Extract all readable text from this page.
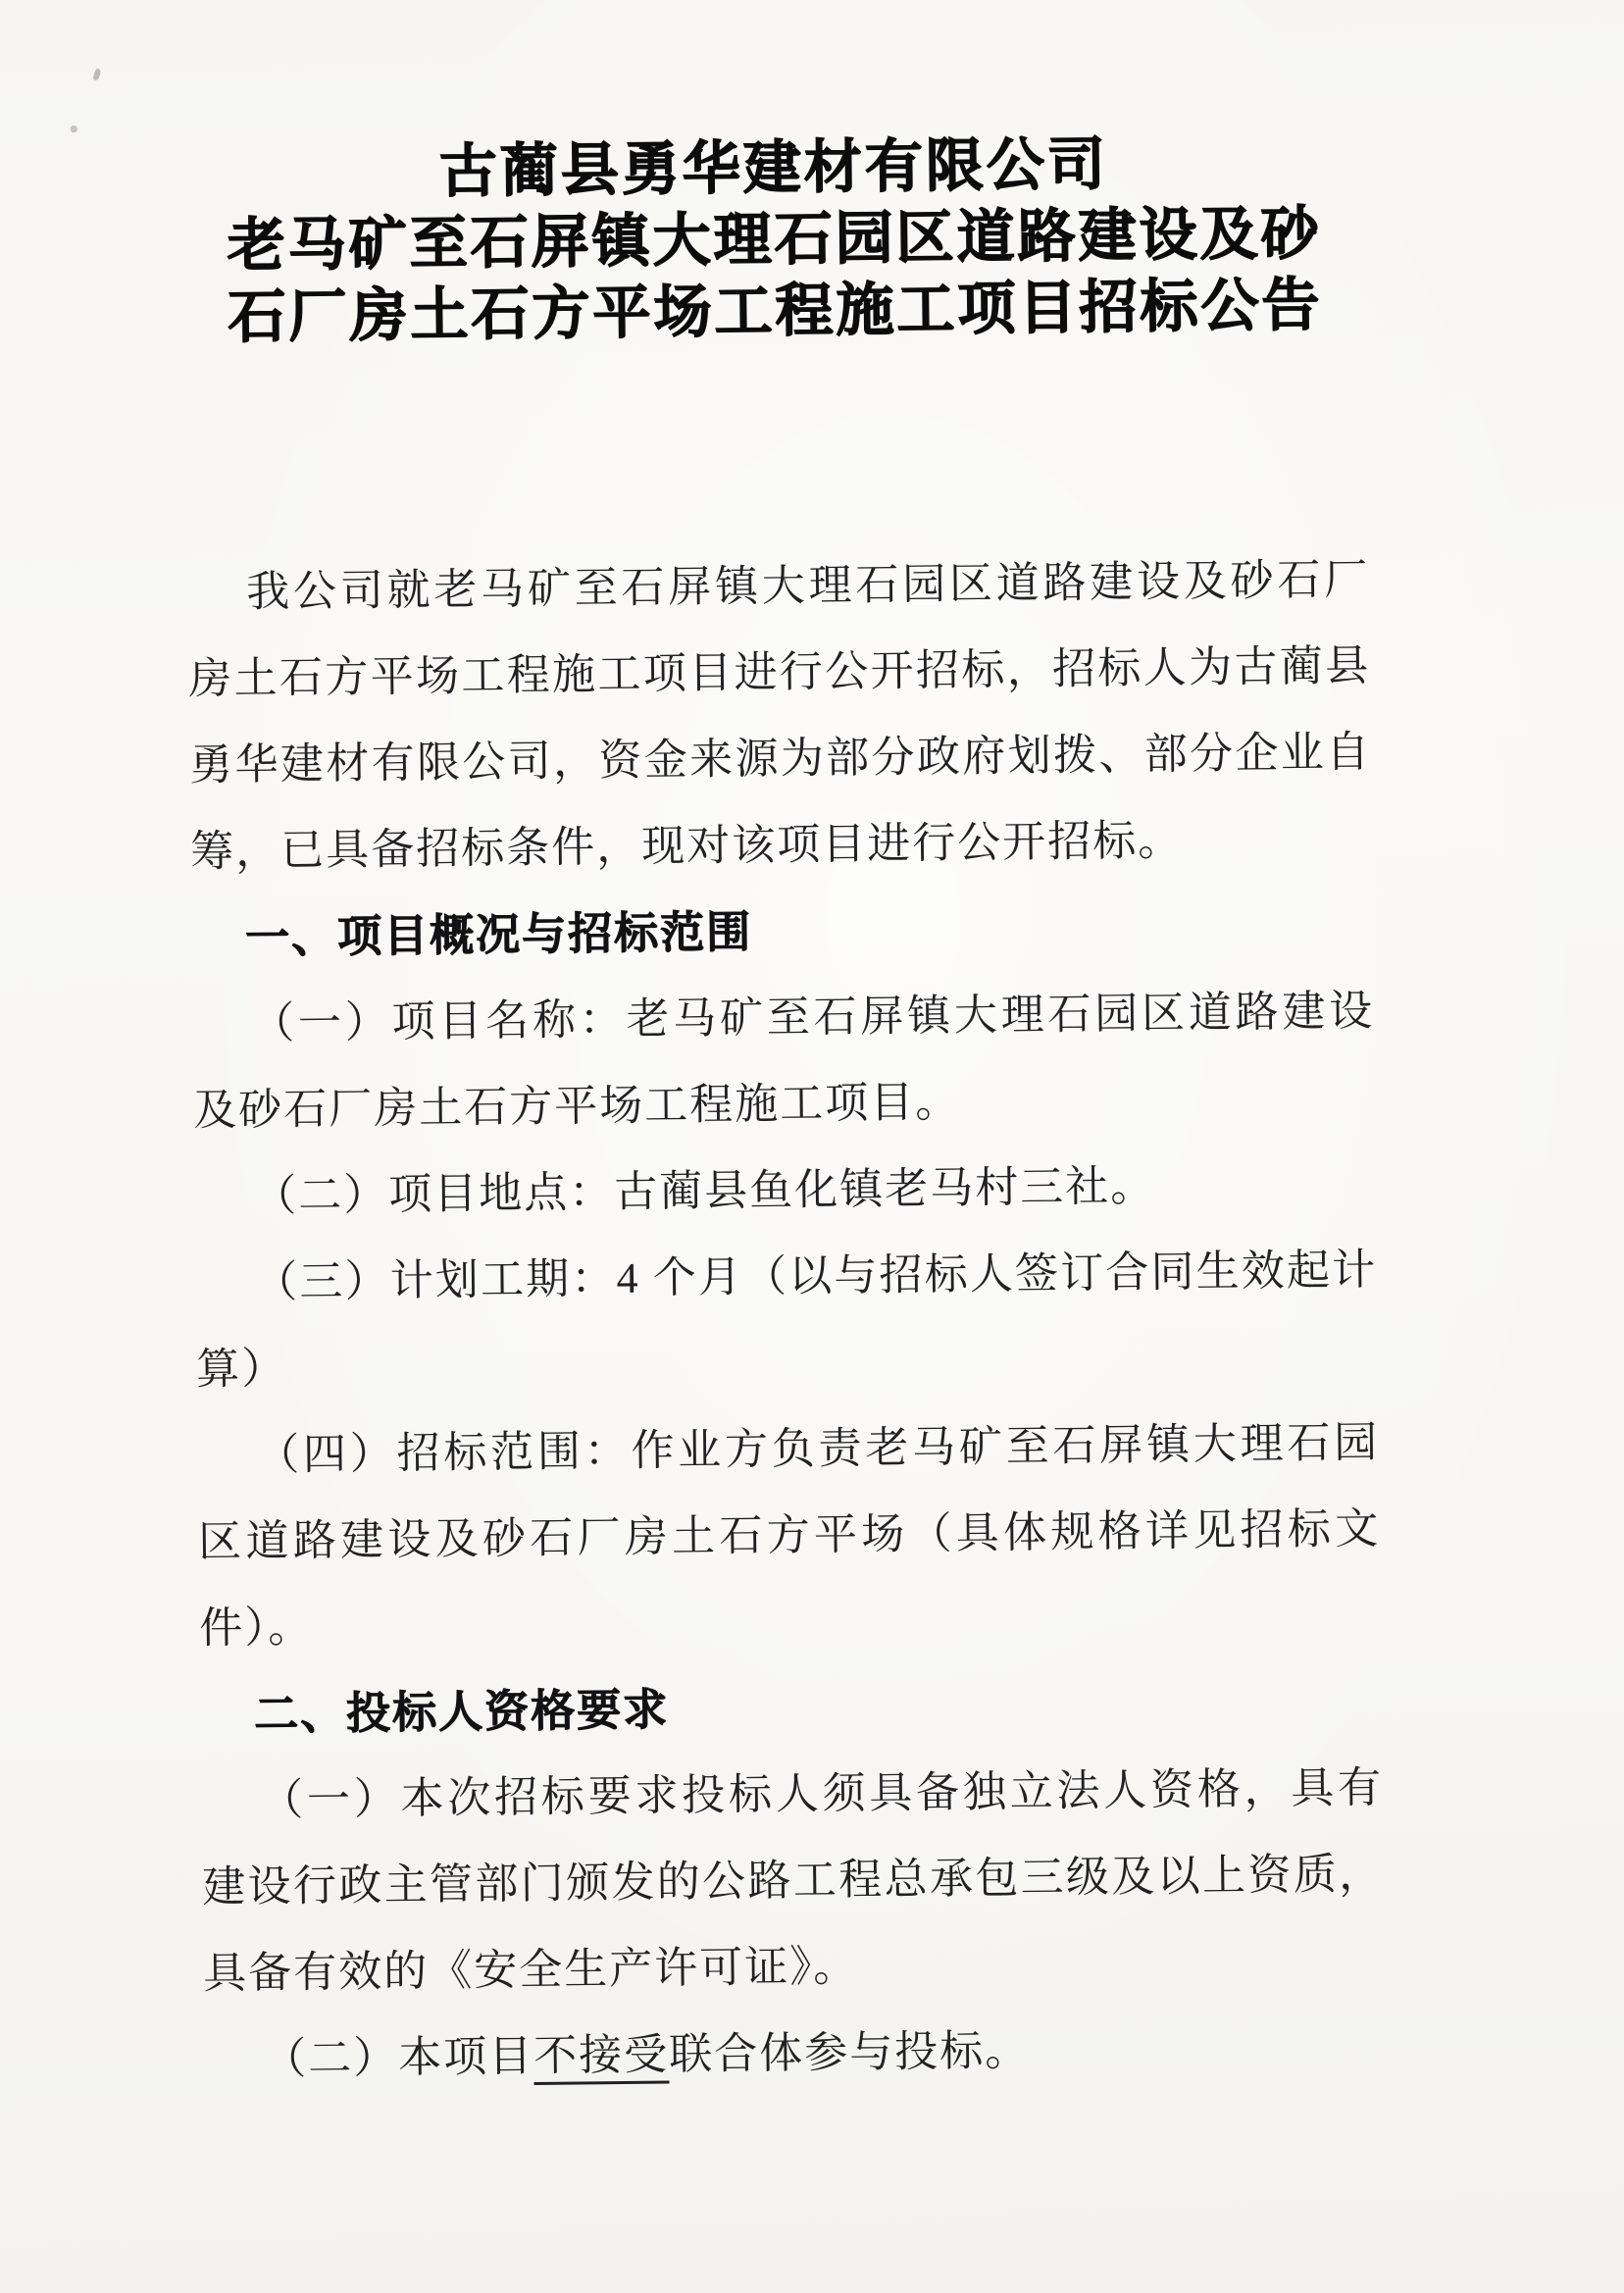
古蔺县勇华建材有限公司
老马矿至石屏镇大理石园区道路建设及砂
石厂房土石方平场工程施工项目招标公告

我公司就老马矿至石屏镇大理石园区道路建设及砂石厂房土石方平场工程施工项目进行公开招标，招标人为古蔺县勇华建材有限公司，资金来源为部分政府划拨、部分企业自筹，已具备招标条件，现对该项目进行公开招标。

一、项目概况与招标范围

（一）项目名称：老马矿至石屏镇大理石园区道路建设及砂石厂房土石方平场工程施工项目。

（二）项目地点：古蔺县鱼化镇老马村三社。

（三）计划工期：4 个月（以与招标人签订合同生效起计算）

（四）招标范围：作业方负责老马矿至石屏镇大理石园区道路建设及砂石厂房土石方平场（具体规格详见招标文件）。

二、投标人资格要求

（一）本次招标要求投标人须具备独立法人资格，具有建设行政主管部门颁发的公路工程总承包三级及以上资质，具备有效的《安全生产许可证》。

（二）本项目不接受联合体参与投标。
